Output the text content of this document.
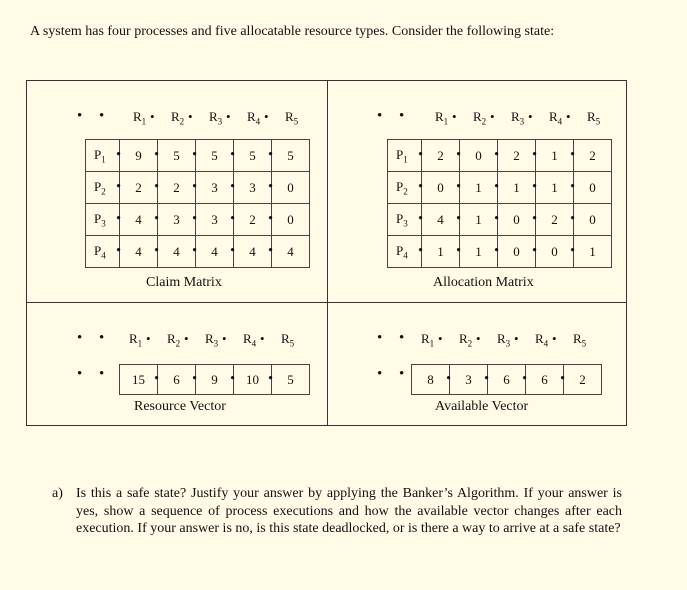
A system has four processes and five allocatable resource types. Consider the following state:
• • $R_1$ • $R_2$ • $R_3$ • $R_4$ • $R_5$
$P_1$ •	9 •	5 •	5 •	5 •	5
$P_2$ •	2 •	2 •	3 •	3 •	0
$P_3$ •	4 •	3 •	3 •	2 •	0
$P_4$ •	4 •	4 •	4 •	4 •	4
Claim Matrix
• • $R_1$ • $R_2$ • $R_3$ • $R_4$ • $R_5$
$P_1$ •	2 •	0 •	2 •	1 •	2
$P_2$ •	0 •	1 •	1 •	1 •	0
$P_3$ •	4 •	1 •	0 •	2 •	0
$P_4$ •	1 •	1 •	0 •	0 •	1
Allocation Matrix
• • $R_1$ • $R_2$ • $R_3$ • $R_4$ • $R_5$
• • 15 •	6 •	9 •	10 •	5
Resource Vector
• • $R_1$ • $R_2$ • $R_3$ • $R_4$ • $R_5$
• • 8 •	3 •	6 •	6 •	2
Available Vector
a) Is this a safe state? Justify your answer by applying the Banker’s Algorithm. If your answer is yes, show a sequence of process executions and how the available vector changes after each execution. If your answer is no, is this state deadlocked, or is there a way to arrive at a safe state?
